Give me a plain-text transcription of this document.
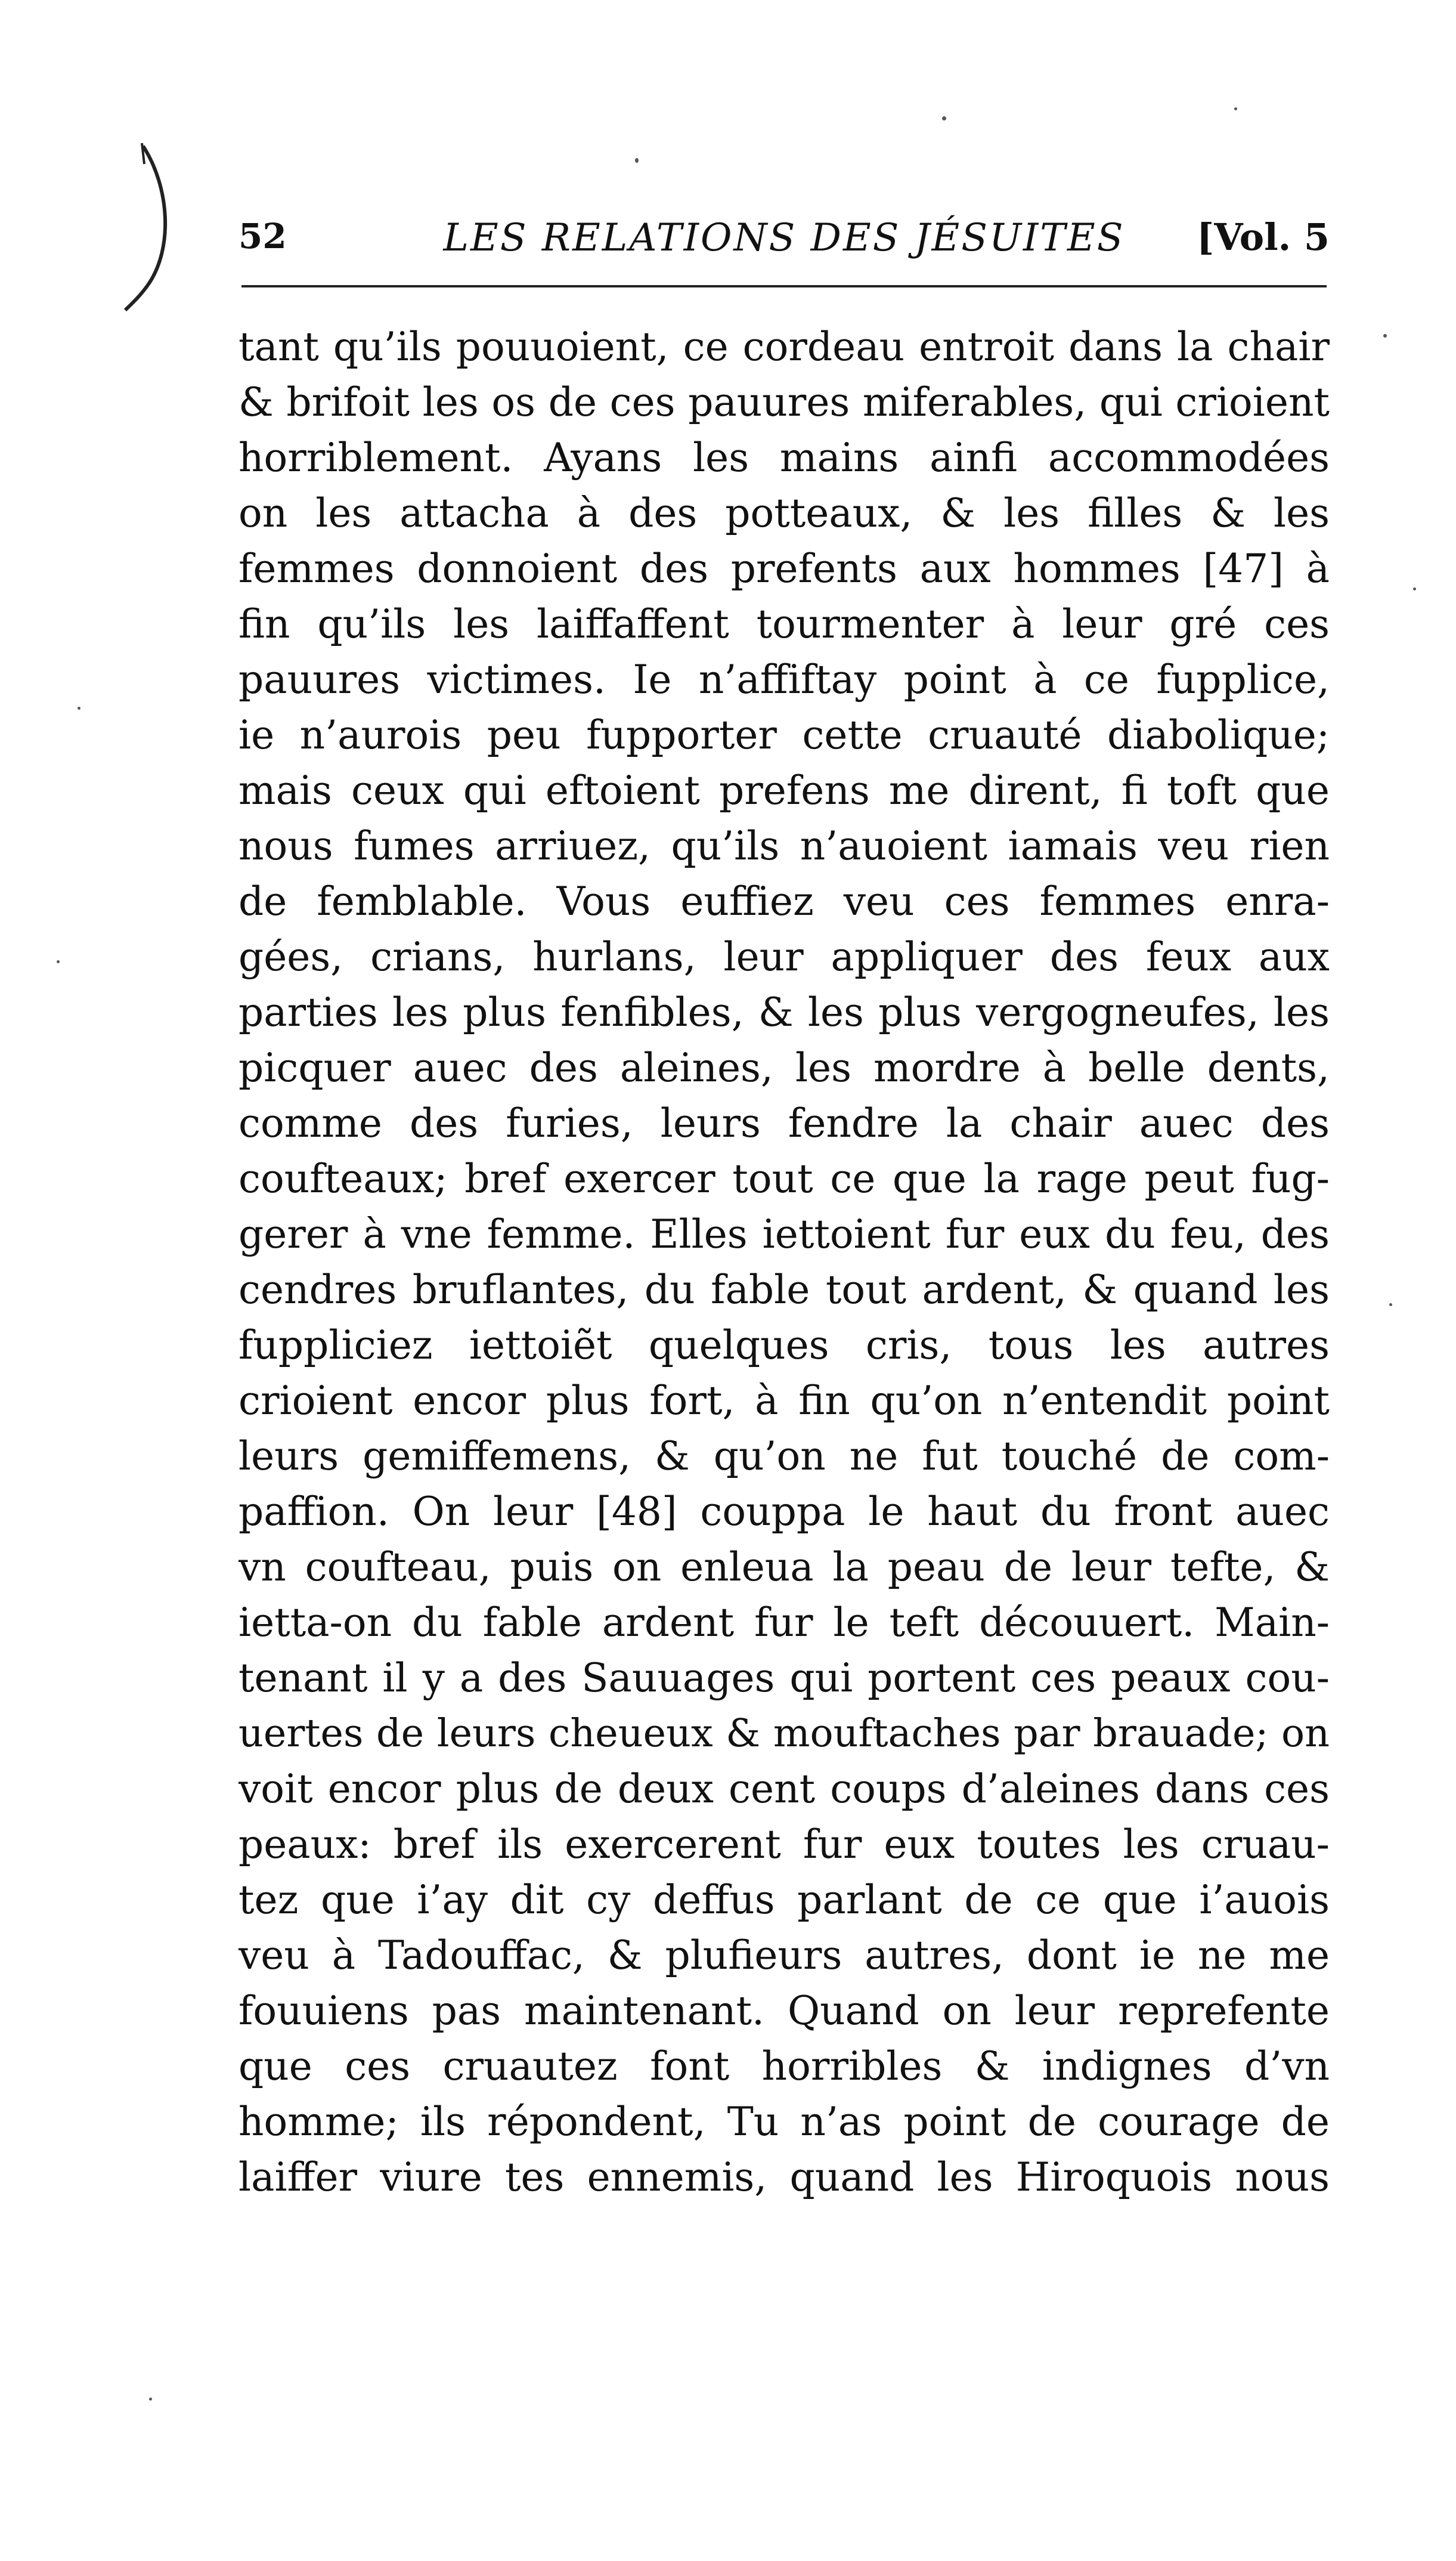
52	LES RELATIONS DES JÉSUITES	[Vol. 5
tant qu’ils pouuoient, ce cordeau entroit dans la chair
& brifoit les os de ces pauures miferables, qui crioient
horriblement. Ayans les mains ainfi accommodées
on les attacha à des potteaux, & les filles & les
femmes donnoient des prefents aux hommes [47] à
fin qu’ils les laiffaffent tourmenter à leur gré ces
pauures victimes. Ie n’affiftay point à ce fupplice,
ie n’aurois peu fupporter cette cruauté diabolique;
mais ceux qui eftoient prefens me dirent, fi toft que
nous fumes arriuez, qu’ils n’auoient iamais veu rien
de femblable. Vous euffiez veu ces femmes enra-
gées, crians, hurlans, leur appliquer des feux aux
parties les plus fenfibles, & les plus vergogneufes, les
picquer auec des aleines, les mordre à belle dents,
comme des furies, leurs fendre la chair auec des
coufteaux; bref exercer tout ce que la rage peut fug-
gerer à vne femme. Elles iettoient fur eux du feu, des
cendres bruflantes, du fable tout ardent, & quand les
fuppliciez iettoiẽt quelques cris, tous les autres
crioient encor plus fort, à fin qu’on n’entendit point
leurs gemiffemens, & qu’on ne fut touché de com-
paffion. On leur [48] couppa le haut du front auec
vn coufteau, puis on enleua la peau de leur tefte, &
ietta-on du fable ardent fur le teft découuert. Main-
tenant il y a des Sauuages qui portent ces peaux cou-
uertes de leurs cheueux & mouftaches par brauade; on
voit encor plus de deux cent coups d’aleines dans ces
peaux: bref ils exercerent fur eux toutes les cruau-
tez que i’ay dit cy deffus parlant de ce que i’auois
veu à Tadouffac, & plufieurs autres, dont ie ne me
fouuiens pas maintenant. Quand on leur reprefente
que ces cruautez font horribles & indignes d’vn
homme; ils répondent, Tu n’as point de courage de
laiffer viure tes ennemis, quand les Hiroquois nous
